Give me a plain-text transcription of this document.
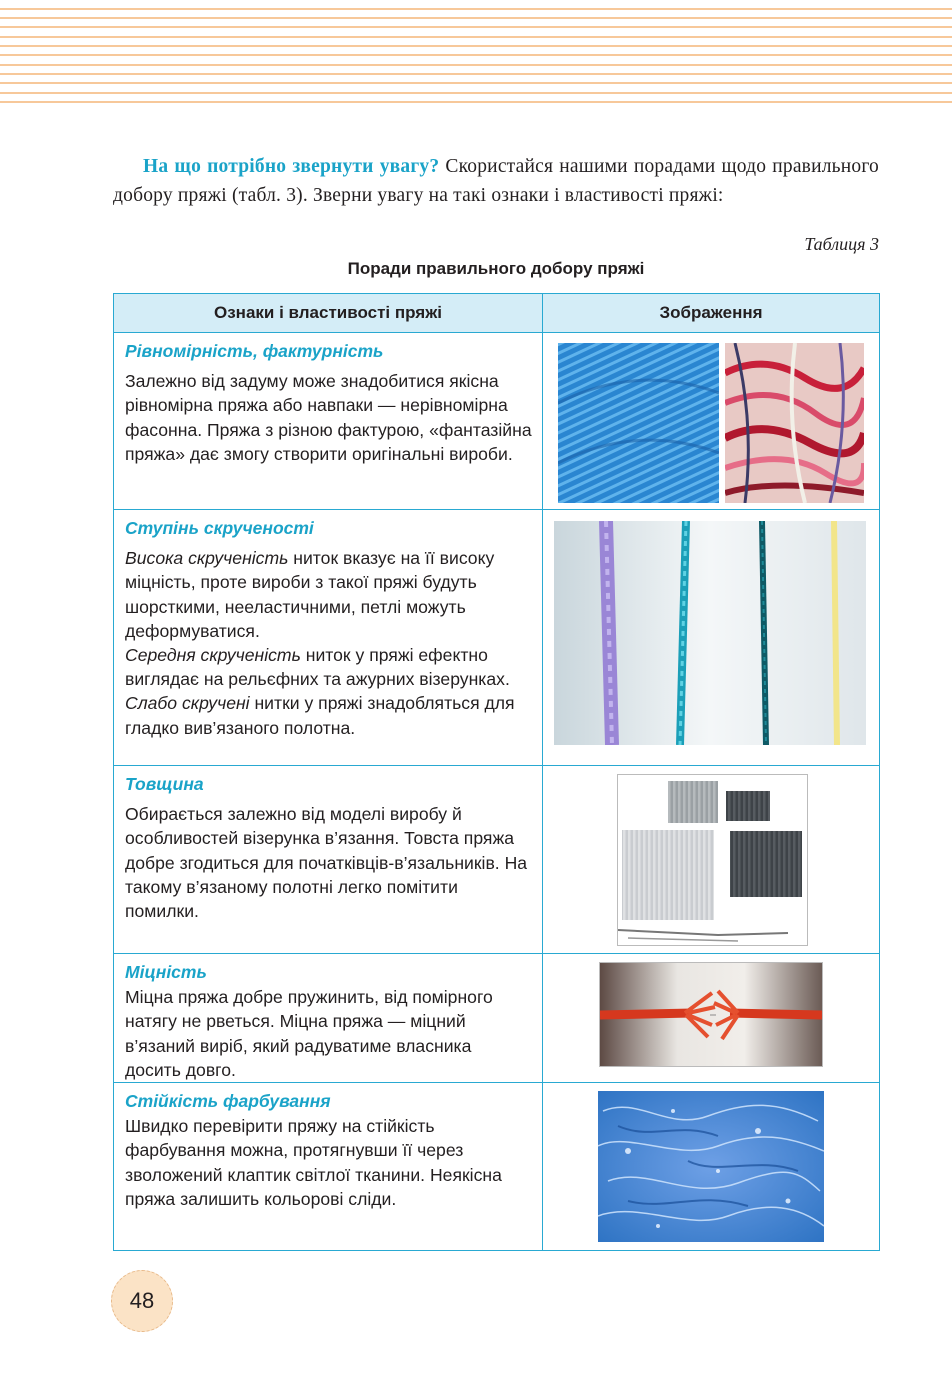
На що потрібно звернути увагу? Скористайся нашими порадами щодо правильного добору пряжі (табл. 3). Зверни увагу на такі ознаки і властивості пряжі:

Таблиця 3
Поради правильного добору пряжі
Ознаки і властивості пряжі	Зображення

Рівномірність, фактурність
Залежно від задуму може знадобитися якісна рівномірна пряжа або навпаки — нерівномірна фасонна. Пряжа з різною фактурою, «фантазійна пряжа» дає змогу створити оригінальні вироби.

Ступінь скрученості
Висока скрученість ниток вказує на її високу міцність, проте вироби з такої пряжі будуть шорсткими, нееластичними, петлі можуть деформуватися.
Середня скрученість ниток у пряжі ефектно виглядає на рельєфних та ажурних візерунках.
Слабо скручені нитки у пряжі знадобляться для гладко вив’язаного полотна.

Товщина
Обирається залежно від моделі виробу й особливостей візерунка в’язання. Товста пряжа добре згодиться для початківців-в’язальників. На такому в’язаному полотні легко помітити помилки.

Міцність
Міцна пряжа добре пружинить, від помірного натягу не рветься. Міцна пряжа — міцний в’язаний виріб, який радуватиме власника досить довго.

Стійкість фарбування
Швидко перевірити пряжу на стійкість фарбування можна, протягнувши її через зволожений клаптик світлої тканини. Неякісна пряжа залишить кольорові сліди.

48
